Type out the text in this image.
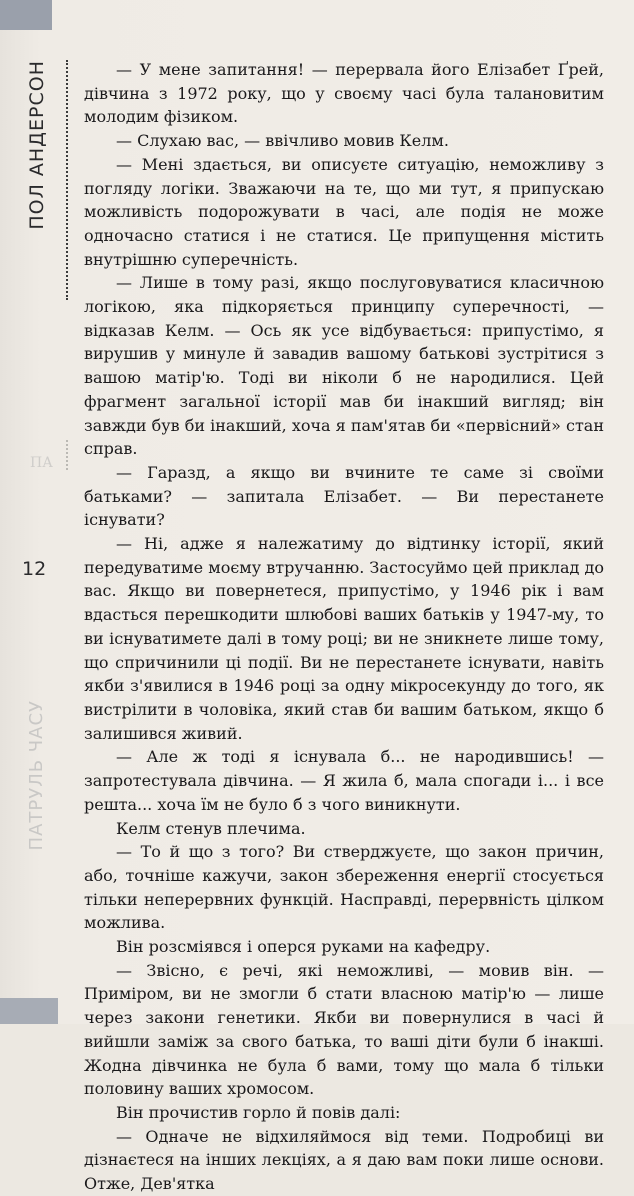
ПОЛ АНДЕРСОН
ПА
12
ПАТРУЛЬ ЧАСУ

— У мене запитання! — перервала його Елізабет Ґрей, дівчина з 1972 року, що у своєму часі була талановитим молодим фізиком.

— Слухаю вас, — ввічливо мовив Келм.

— Мені здається, ви описуєте ситуацію, неможливу з погляду логіки. Зважаючи на те, що ми тут, я припускаю можливість подорожувати в часі, але подія не може одночасно статися і не статися. Це припущення містить внутрішню суперечність.

— Лише в тому разі, якщо послуговуватися класичною логікою, яка підкоряється принципу суперечності, — відказав Келм. — Ось як усе відбувається: припустімо, я вирушив у минуле й завадив вашому батькові зустрітися з вашою матір'ю. Тоді ви ніколи б не народилися. Цей фрагмент загальної історії мав би інакший вигляд; він завжди був би інакший, хоча я пам'ятав би «первісний» стан справ.

— Гаразд, а якщо ви вчините те саме зі своїми батьками? — запитала Елізабет. — Ви перестанете існувати?

— Ні, адже я належатиму до відтинку історії, який передуватиме моєму втручанню. Застосуймо цей приклад до вас. Якщо ви повернетеся, припустімо, у 1946 рік і вам вдасться перешкодити шлюбові ваших батьків у 1947-му, то ви існуватимете далі в тому році; ви не зникнете лише тому, що спричинили ці події. Ви не перестанете існувати, навіть якби з'явилися в 1946 році за одну мікросекунду до того, як вистрілити в чоловіка, який став би вашим батьком, якщо б залишився живий.

— Але ж тоді я існувала б... не народившись! — запротестувала дівчина. — Я жила б, мала спогади і... і все решта... хоча їм не було б з чого виникнути.

Келм стенув плечима.

— То й що з того? Ви стверджуєте, що закон причин, або, точніше кажучи, закон збереження енергії стосується тільки неперервних функцій. Насправді, перервність цілком можлива.

Він розсміявся і оперся руками на кафедру.

— Звісно, є речі, які неможливі, — мовив він. — Приміром, ви не змогли б стати власною матір'ю — лише через закони генетики. Якби ви повернулися в часі й вийшли заміж за свого батька, то ваші діти були б інакші. Жодна дівчинка не була б вами, тому що мала б тільки половину ваших хромосом.

Він прочистив горло й повів далі:

— Одначе не відхиляймося від теми. Подробиці ви дізнаєтеся на інших лекціях, а я даю вам поки лише основи. Отже, Дев'ятка
